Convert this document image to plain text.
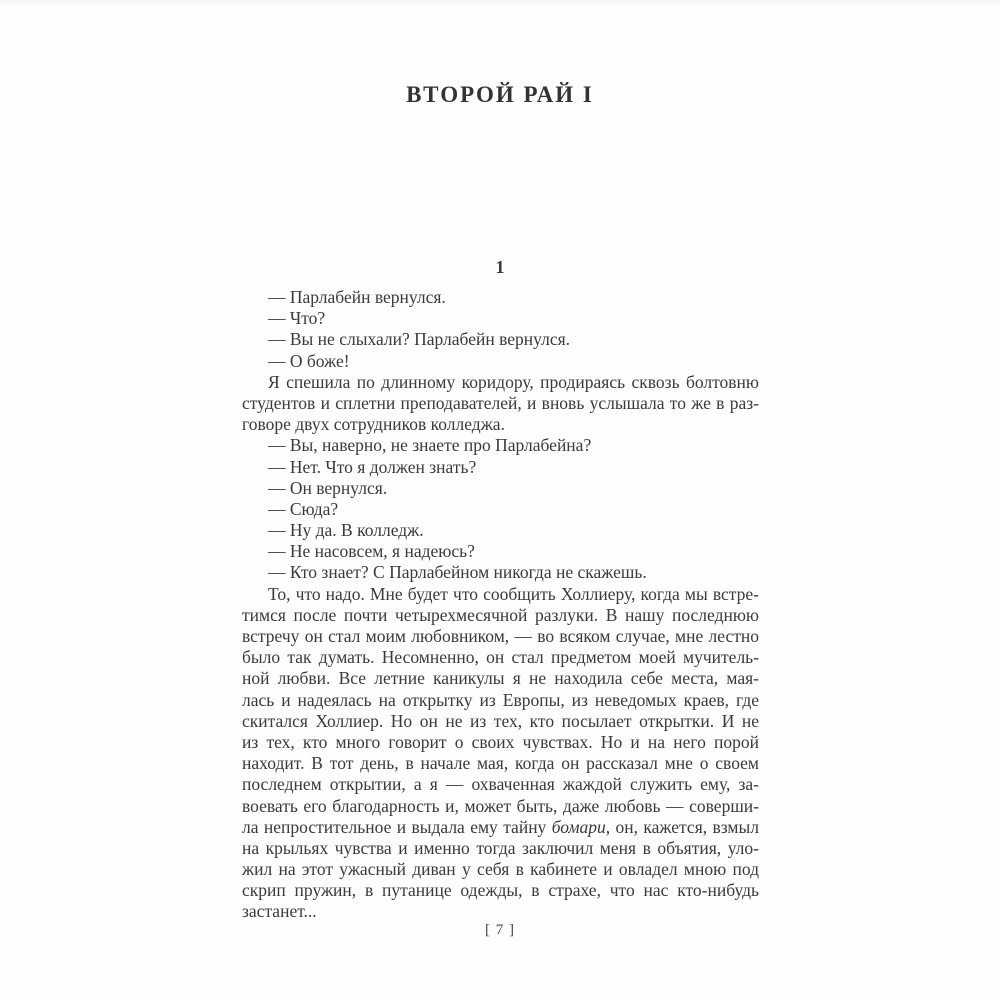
ВТОРОЙ РАЙ I
1
— Парлабейн вернулся.
— Что?
— Вы не слыхали? Парлабейн вернулся.
— О боже!
Я спешила по длинному коридору, продираясь сквозь болтовню
студентов и сплетни преподавателей, и вновь услышала то же в раз-
говоре двух сотрудников колледжа.
— Вы, наверно, не знаете про Парлабейна?
— Нет. Что я должен знать?
— Он вернулся.
— Сюда?
— Ну да. В колледж.
— Не насовсем, я надеюсь?
— Кто знает? С Парлабейном никогда не скажешь.
То, что надо. Мне будет что сообщить Холлиеру, когда мы встре-
тимся после почти четырехмесячной разлуки. В нашу последнюю
встречу он стал моим любовником, — во всяком случае, мне лестно
было так думать. Несомненно, он стал предметом моей мучитель-
ной любви. Все летние каникулы я не находила себе места, мая-
лась и надеялась на открытку из Европы, из неведомых краев, где
скитался Холлиер. Но он не из тех, кто посылает открытки. И не
из тех, кто много говорит о своих чувствах. Но и на него порой
находит. В тот день, в начале мая, когда он рассказал мне о своем
последнем открытии, а я — охваченная жаждой служить ему, за-
воевать его благодарность и, может быть, даже любовь — соверши-
ла непростительное и выдала ему тайну бомари, он, кажется, взмыл
на крыльях чувства и именно тогда заключил меня в объятия, уло-
жил на этот ужасный диван у себя в кабинете и овладел мною под
скрип пружин, в путанице одежды, в страхе, что нас кто-нибудь
застанет...
[ 7 ]
